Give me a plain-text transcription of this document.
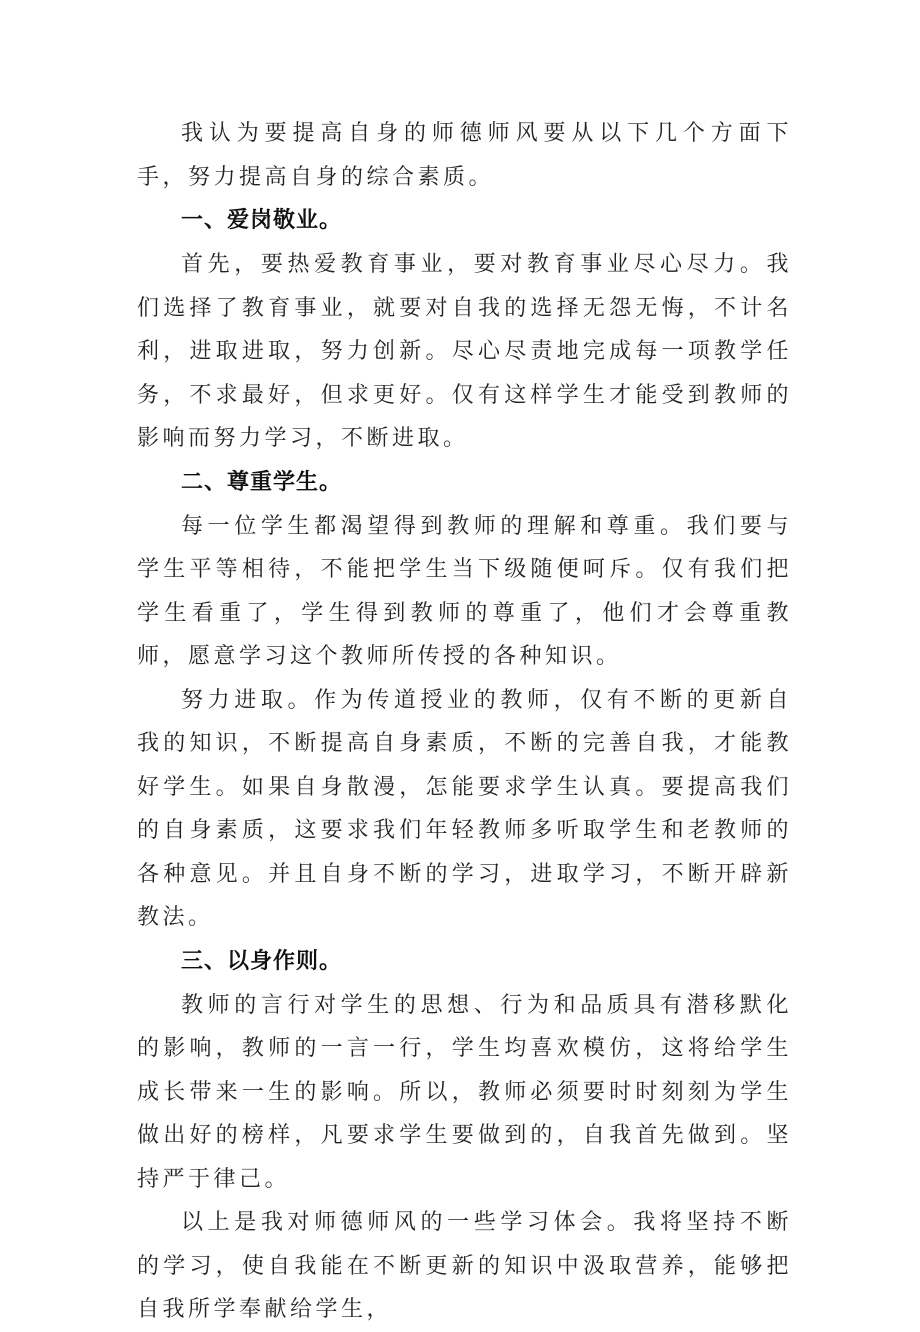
我认为要提高自身的师德师风要从以下几个方面下手，努力提高自身的综合素质。

一、爱岗敬业。

首先，要热爱教育事业，要对教育事业尽心尽力。我们选择了教育事业，就要对自我的选择无怨无悔，不计名利，进取进取，努力创新。尽心尽责地完成每一项教学任务，不求最好，但求更好。仅有这样学生才能受到教师的影响而努力学习，不断进取。

二、尊重学生。

每一位学生都渴望得到教师的理解和尊重。我们要与学生平等相待，不能把学生当下级随便呵斥。仅有我们把学生看重了，学生得到教师的尊重了，他们才会尊重教师，愿意学习这个教师所传授的各种知识。

努力进取。作为传道授业的教师，仅有不断的更新自我的知识，不断提高自身素质，不断的完善自我，才能教好学生。如果自身散漫，怎能要求学生认真。要提高我们的自身素质，这要求我们年轻教师多听取学生和老教师的各种意见。并且自身不断的学习，进取学习，不断开辟新教法。

三、以身作则。

教师的言行对学生的思想、行为和品质具有潜移默化的影响，教师的一言一行，学生均喜欢模仿，这将给学生成长带来一生的影响。所以，教师必须要时时刻刻为学生做出好的榜样，凡要求学生要做到的，自我首先做到。坚持严于律己。

以上是我对师德师风的一些学习体会。我将坚持不断的学习，使自我能在不断更新的知识中汲取营养，能够把自我所学奉献给学生，
